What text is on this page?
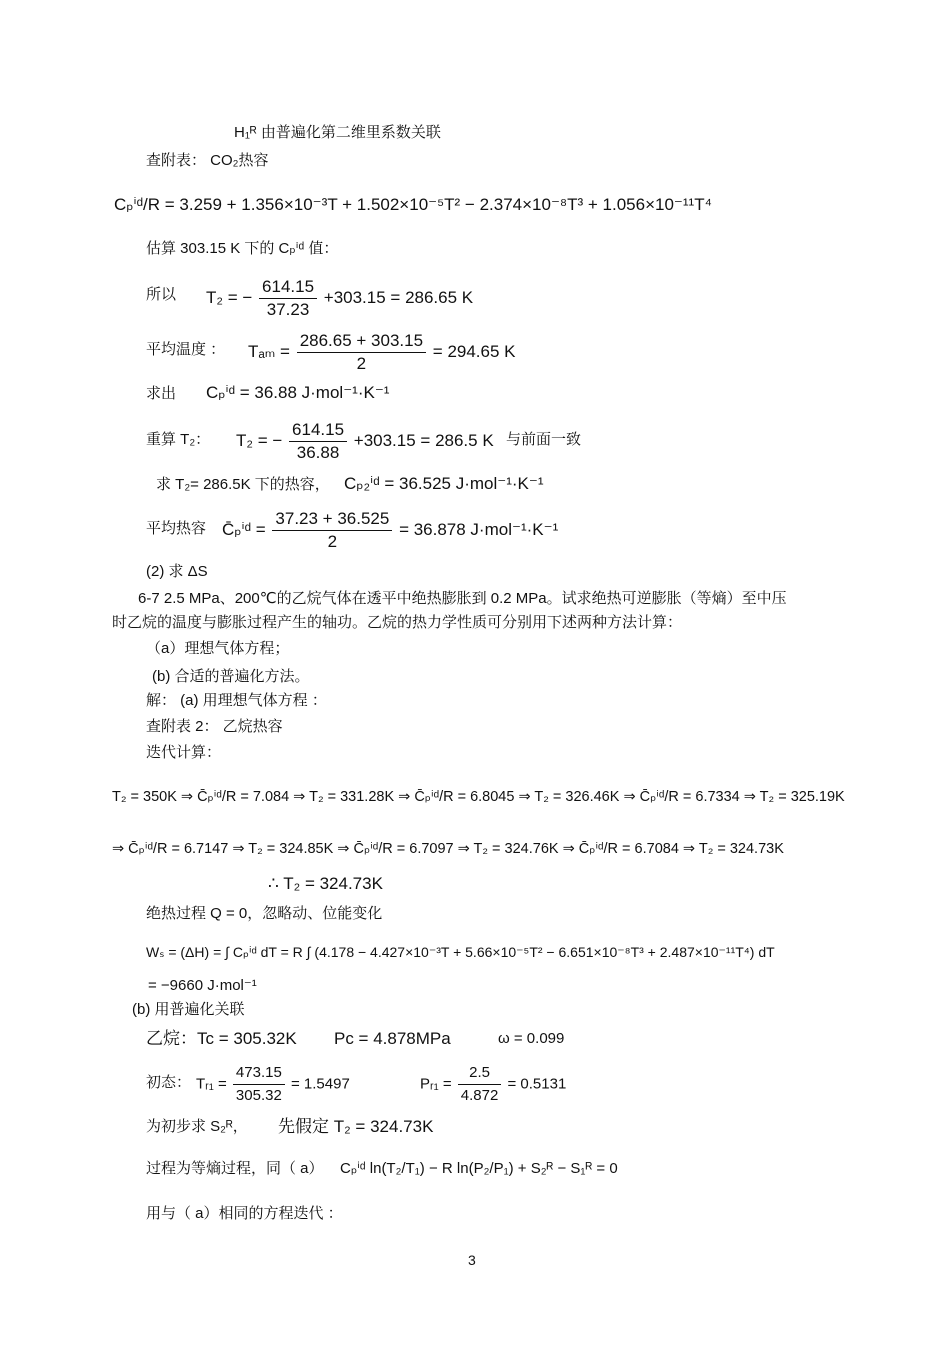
H₁ᴿ 由普遍化第二维里系数关联
查附表： CO₂热容
Cₚⁱᵈ/R = 3.259 + 1.356×10⁻³T + 1.502×10⁻⁵T² − 2.374×10⁻⁸T³ + 1.056×10⁻¹¹T⁴
估算 303.15 K 下的 Cₚⁱᵈ 值：
所以 T₂ = − $\frac{614.15}{37.23} +303.15 = 286.65$ K
平均温度 ： $T_{am} = \frac{286.65 + 303.15}{2} = 294.65$ K
求出 Cₚⁱᵈ = 36.88 J·mol⁻¹·K⁻¹
重算 T₂： T₂ = − $\frac{614.15}{36.88} +303.15 = 286.5$ K 与前面一致
求 T₂= 286.5K 下的热容， Cₚ₂ⁱᵈ = 36.525 J·mol⁻¹·K⁻¹
平均热容 C̄ₚⁱᵈ = $\frac{37.23 + 36.525}{2} = 36.878$ J·mol⁻¹·K⁻¹
(2) 求 ΔS
6-7 2.5 MPa、200℃的乙烷气体在透平中绝热膨胀到 0.2 MPa。试求绝热可逆膨胀（等熵）至中压
时乙烷的温度与膨胀过程产生的轴功。乙烷的热力学性质可分别用下述两种方法计算：
（a）理想气体方程；
(b) 合适的普遍化方法。
解： (a) 用理想气体方程 ：
查附表 2： 乙烷热容
迭代计算：
T₂ = 350K ⇒ C̄ₚⁱᵈ/R = 7.084 ⇒ T₂ = 331.28K ⇒ C̄ₚⁱᵈ/R = 6.8045 ⇒ T₂ = 326.46K ⇒ C̄ₚⁱᵈ/R = 6.7334 ⇒ T₂ = 325.19K
⇒ C̄ₚⁱᵈ/R = 6.7147 ⇒ T₂ = 324.85K ⇒ C̄ₚⁱᵈ/R = 6.7097 ⇒ T₂ = 324.76K ⇒ C̄ₚⁱᵈ/R = 6.7084 ⇒ T₂ = 324.73K
∴ T₂ = 324.73K
绝热过程 Q = 0，忽略动、位能变化
Wₛ = (ΔH) = ∫ Cₚⁱᵈ dT = R ∫ (4.178 − 4.427×10⁻³T + 5.66×10⁻⁵T² − 6.651×10⁻⁸T³ + 2.487×10⁻¹¹T⁴) dT
= −9660 J·mol⁻¹
(b) 用普遍化关联
乙烷：Tc = 305.32K Pc = 4.878MPa	ω = 0.099
初态： Tᵣ₁ = $\frac{473.15}{305.32} = 1.5497$	Pᵣ₁ = $\frac{2.5}{4.872} = 0.5131$
为初步求 S₂ᴿ， 先假定 T₂ = 324.73K
过程为等熵过程，同（ a） Cₚⁱᵈ ln(T₂/T₁) − R ln(P₂/P₁) + S₂ᴿ − S₁ᴿ = 0
用与（ a）相同的方程迭代 ：
3
